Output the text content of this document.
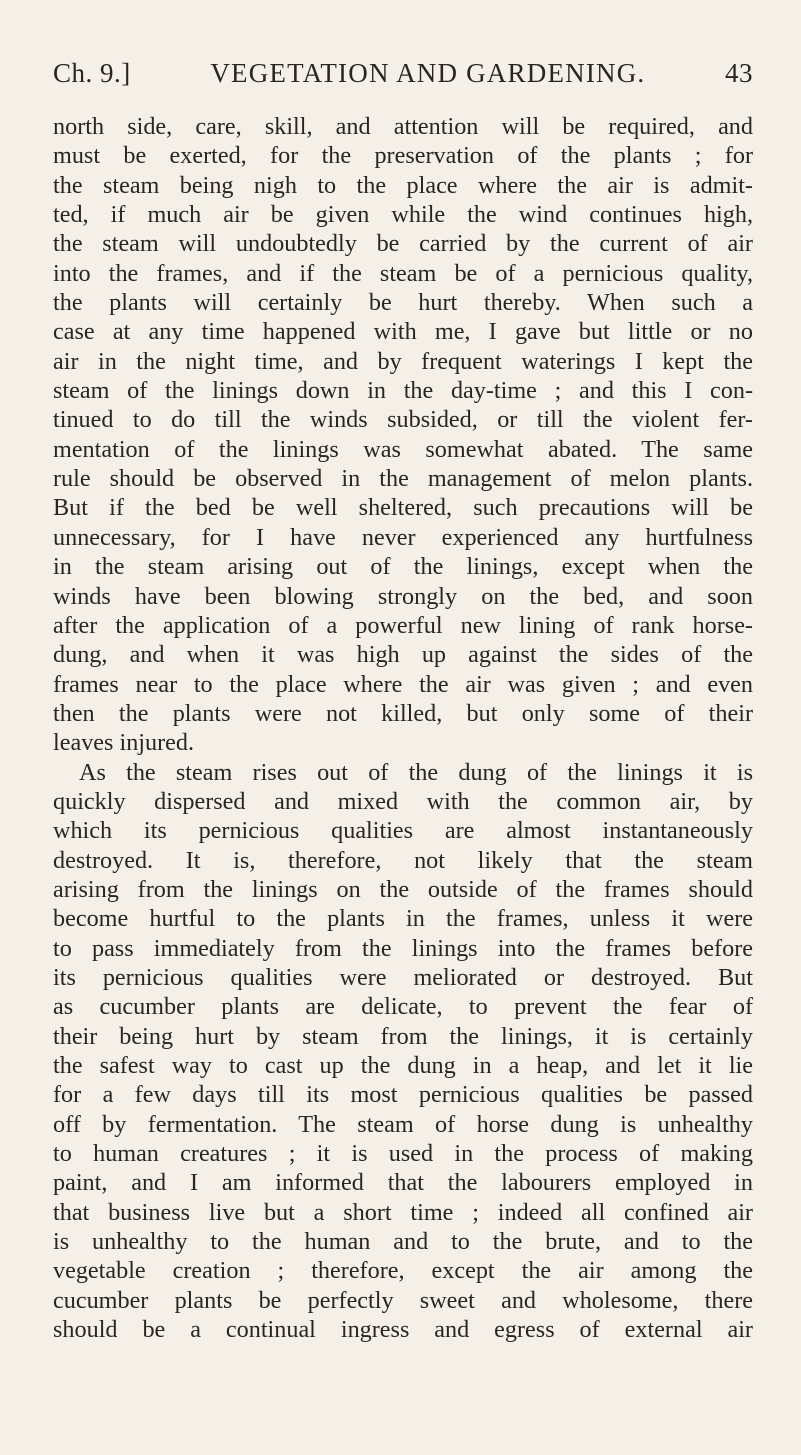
Ch. 9.]	VEGETATION AND GARDENING.	43
north side, care, skill, and attention will be required, and
must be exerted, for the preservation of the plants ; for
the steam being nigh to the place where the air is admit-
ted, if much air be given while the wind continues high,
the steam will undoubtedly be carried by the current of air
into the frames, and if the steam be of a pernicious quality,
the plants will certainly be hurt thereby. When such a
case at any time happened with me, I gave but little or no
air in the night time, and by frequent waterings I kept the
steam of the linings down in the day-time ; and this I con-
tinued to do till the winds subsided, or till the violent fer-
mentation of the linings was somewhat abated. The same
rule should be observed in the management of melon plants.
But if the bed be well sheltered, such precautions will be
unnecessary, for I have never experienced any hurtfulness
in the steam arising out of the linings, except when the
winds have been blowing strongly on the bed, and soon
after the application of a powerful new lining of rank horse-
dung, and when it was high up against the sides of the
frames near to the place where the air was given ; and even
then the plants were not killed, but only some of their
leaves injured.
As the steam rises out of the dung of the linings it is
quickly dispersed and mixed with the common air, by
which its pernicious qualities are almost instantaneously
destroyed. It is, therefore, not likely that the steam
arising from the linings on the outside of the frames should
become hurtful to the plants in the frames, unless it were
to pass immediately from the linings into the frames before
its pernicious qualities were meliorated or destroyed. But
as cucumber plants are delicate, to prevent the fear of
their being hurt by steam from the linings, it is certainly
the safest way to cast up the dung in a heap, and let it lie
for a few days till its most pernicious qualities be passed
off by fermentation. The steam of horse dung is unhealthy
to human creatures ; it is used in the process of making
paint, and I am informed that the labourers employed in
that business live but a short time ; indeed all confined air
is unhealthy to the human and to the brute, and to the
vegetable creation ; therefore, except the air among the
cucumber plants be perfectly sweet and wholesome, there
should be a continual ingress and egress of external air
